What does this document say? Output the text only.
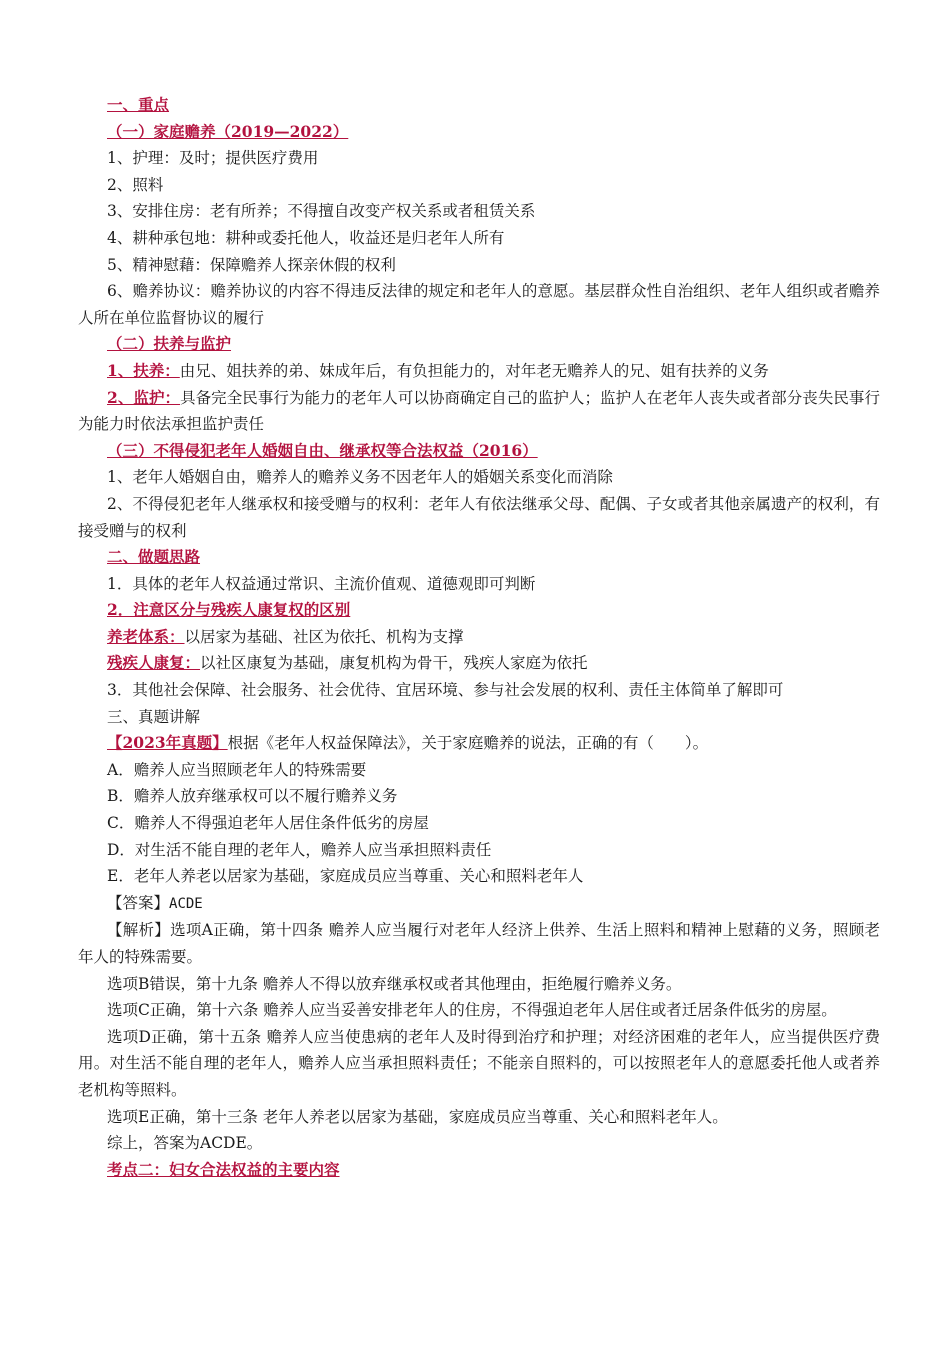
一、重点
（一）家庭赡养（2019—2022）
1、护理：及时；提供医疗费用
2、照料
3、安排住房：老有所养；不得擅自改变产权关系或者租赁关系
4、耕种承包地：耕种或委托他人，收益还是归老年人所有
5、精神慰藉：保障赡养人探亲休假的权利
6、赡养协议：赡养协议的内容不得违反法律的规定和老年人的意愿。基层群众性自治组织、老年人组织或者赡养人所在单位监督协议的履行
（二）扶养与监护
1、扶养：由兄、姐扶养的弟、妹成年后，有负担能力的，对年老无赡养人的兄、姐有扶养的义务
2、监护：具备完全民事行为能力的老年人可以协商确定自己的监护人；监护人在老年人丧失或者部分丧失民事行为能力时依法承担监护责任
（三）不得侵犯老年人婚姻自由、继承权等合法权益（2016）
1、老年人婚姻自由，赡养人的赡养义务不因老年人的婚姻关系变化而消除
2、不得侵犯老年人继承权和接受赠与的权利：老年人有依法继承父母、配偶、子女或者其他亲属遗产的权利，有接受赠与的权利
二、做题思路
1．具体的老年人权益通过常识、主流价值观、道德观即可判断
2．注意区分与残疾人康复权的区别
养老体系：以居家为基础、社区为依托、机构为支撑
残疾人康复：以社区康复为基础，康复机构为骨干，残疾人家庭为依托
3．其他社会保障、社会服务、社会优待、宜居环境、参与社会发展的权利、责任主体简单了解即可
三、真题讲解
【2023年真题】根据《老年人权益保障法》，关于家庭赡养的说法，正确的有（　　）。
A．赡养人应当照顾老年人的特殊需要
B．赡养人放弃继承权可以不履行赡养义务
C．赡养人不得强迫老年人居住条件低劣的房屋
D．对生活不能自理的老年人，赡养人应当承担照料责任
E．老年人养老以居家为基础，家庭成员应当尊重、关心和照料老年人
【答案】ACDE
【解析】选项A正确，第十四条 赡养人应当履行对老年人经济上供养、生活上照料和精神上慰藉的义务，照顾老年人的特殊需要。
选项B错误，第十九条 赡养人不得以放弃继承权或者其他理由，拒绝履行赡养义务。
选项C正确，第十六条 赡养人应当妥善安排老年人的住房，不得强迫老年人居住或者迁居条件低劣的房屋。
选项D正确，第十五条 赡养人应当使患病的老年人及时得到治疗和护理；对经济困难的老年人，应当提供医疗费用。对生活不能自理的老年人，赡养人应当承担照料责任；不能亲自照料的，可以按照老年人的意愿委托他人或者养老机构等照料。
选项E正确，第十三条 老年人养老以居家为基础，家庭成员应当尊重、关心和照料老年人。
综上，答案为ACDE。
考点二：妇女合法权益的主要内容
